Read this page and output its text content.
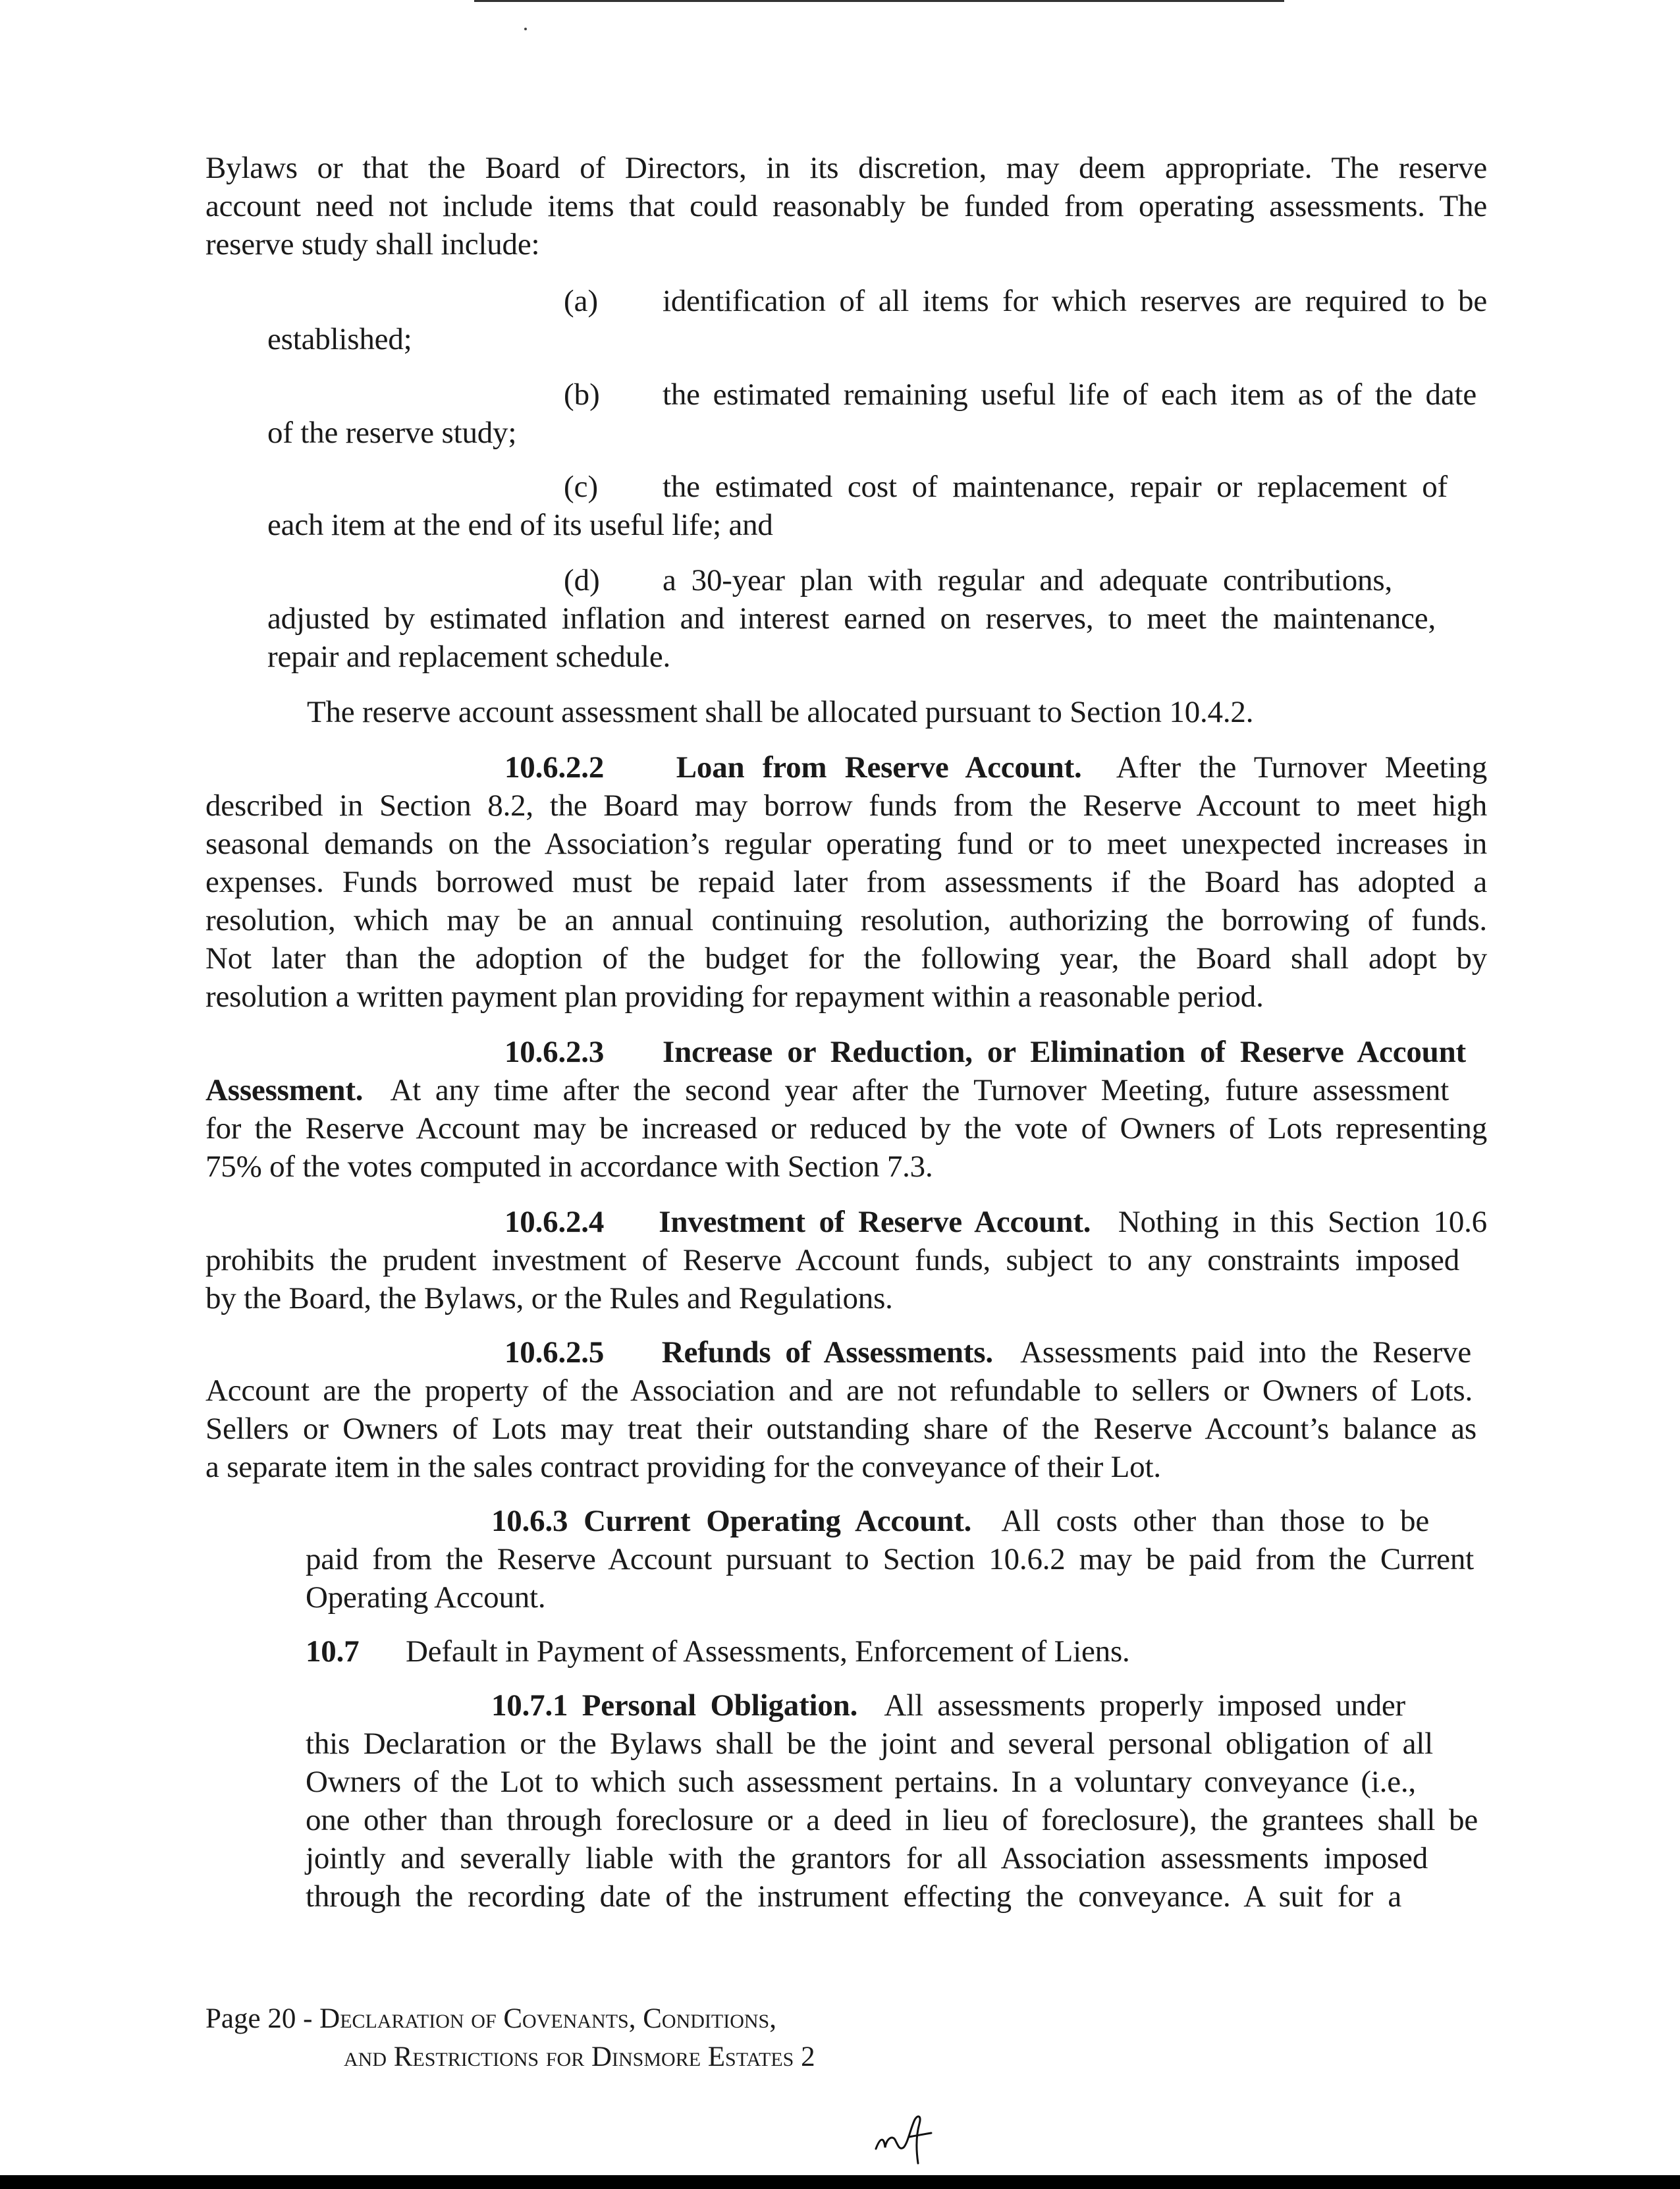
Bylaws or that the Board of Directors, in its discretion, may deem appropriate. The reserve
account need not include items that could reasonably be funded from operating assessments. The
reserve study shall include:
(a) identification of all items for which reserves are required to be
established;
(b) the estimated remaining useful life of each item as of the date
of the reserve study;
(c) the estimated cost of maintenance, repair or replacement of
each item at the end of its useful life; and
(d) a 30-year plan with regular and adequate contributions,
adjusted by estimated inflation and interest earned on reserves, to meet the maintenance,
repair and replacement schedule.
The reserve account assessment shall be allocated pursuant to Section 10.4.2.
10.6.2.2 Loan from Reserve Account. After the Turnover Meeting
described in Section 8.2, the Board may borrow funds from the Reserve Account to meet high
seasonal demands on the Association’s regular operating fund or to meet unexpected increases in
expenses. Funds borrowed must be repaid later from assessments if the Board has adopted a
resolution, which may be an annual continuing resolution, authorizing the borrowing of funds.
Not later than the adoption of the budget for the following year, the Board shall adopt by
resolution a written payment plan providing for repayment within a reasonable period.
10.6.2.3 Increase or Reduction, or Elimination of Reserve Account
Assessment. At any time after the second year after the Turnover Meeting, future assessment
for the Reserve Account may be increased or reduced by the vote of Owners of Lots representing
75% of the votes computed in accordance with Section 7.3.
10.6.2.4 Investment of Reserve Account. Nothing in this Section 10.6
prohibits the prudent investment of Reserve Account funds, subject to any constraints imposed
by the Board, the Bylaws, or the Rules and Regulations.
10.6.2.5 Refunds of Assessments. Assessments paid into the Reserve
Account are the property of the Association and are not refundable to sellers or Owners of Lots.
Sellers or Owners of Lots may treat their outstanding share of the Reserve Account’s balance as
a separate item in the sales contract providing for the conveyance of their Lot.
10.6.3 Current Operating Account. All costs other than those to be
paid from the Reserve Account pursuant to Section 10.6.2 may be paid from the Current
Operating Account.
10.7 Default in Payment of Assessments, Enforcement of Liens.
10.7.1 Personal Obligation. All assessments properly imposed under
this Declaration or the Bylaws shall be the joint and several personal obligation of all
Owners of the Lot to which such assessment pertains. In a voluntary conveyance (i.e.,
one other than through foreclosure or a deed in lieu of foreclosure), the grantees shall be
jointly and severally liable with the grantors for all Association assessments imposed
through the recording date of the instrument effecting the conveyance. A suit for a
Page 20 - Declaration of Covenants, Conditions,
and Restrictions for Dinsmore Estates 2
